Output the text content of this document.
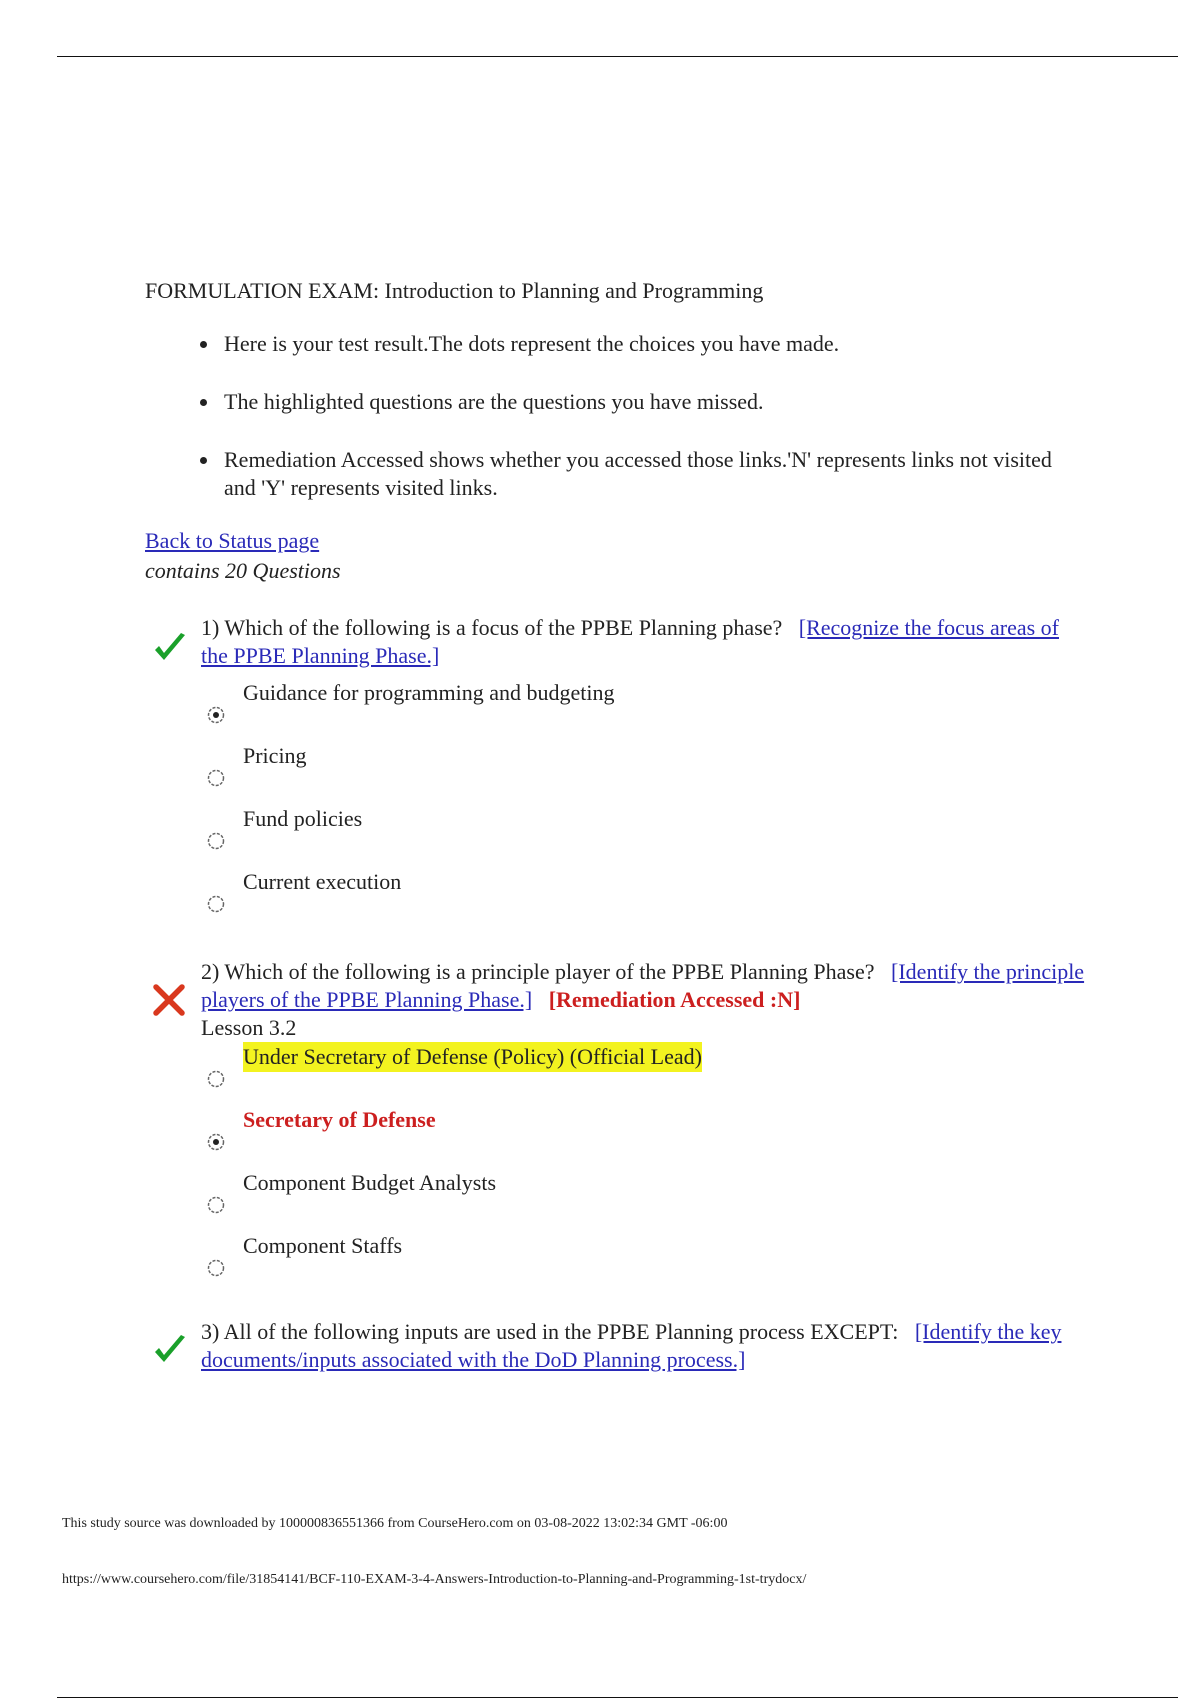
FORMULATION EXAM: Introduction to Planning and Programming
• Here is your test result.The dots represent the choices you have made.
• The highlighted questions are the questions you have missed.
• Remediation Accessed shows whether you accessed those links.'N' represents links not visited and 'Y' represents visited links.
Back to Status page
contains 20 Questions
1) Which of the following is a focus of the PPBE Planning phase? [Recognize the focus areas of the PPBE Planning Phase.]
Guidance for programming and budgeting
Pricing
Fund policies
Current execution
2) Which of the following is a principle player of the PPBE Planning Phase? [Identify the principle players of the PPBE Planning Phase.] [Remediation Accessed :N]
Lesson 3.2
Under Secretary of Defense (Policy) (Official Lead)
Secretary of Defense
Component Budget Analysts
Component Staffs
3) All of the following inputs are used in the PPBE Planning process EXCEPT: [Identify the key documents/inputs associated with the DoD Planning process.]
This study source was downloaded by 100000836551366 from CourseHero.com on 03-08-2022 13:02:34 GMT -06:00
https://www.coursehero.com/file/31854141/BCF-110-EXAM-3-4-Answers-Introduction-to-Planning-and-Programming-1st-trydocx/
